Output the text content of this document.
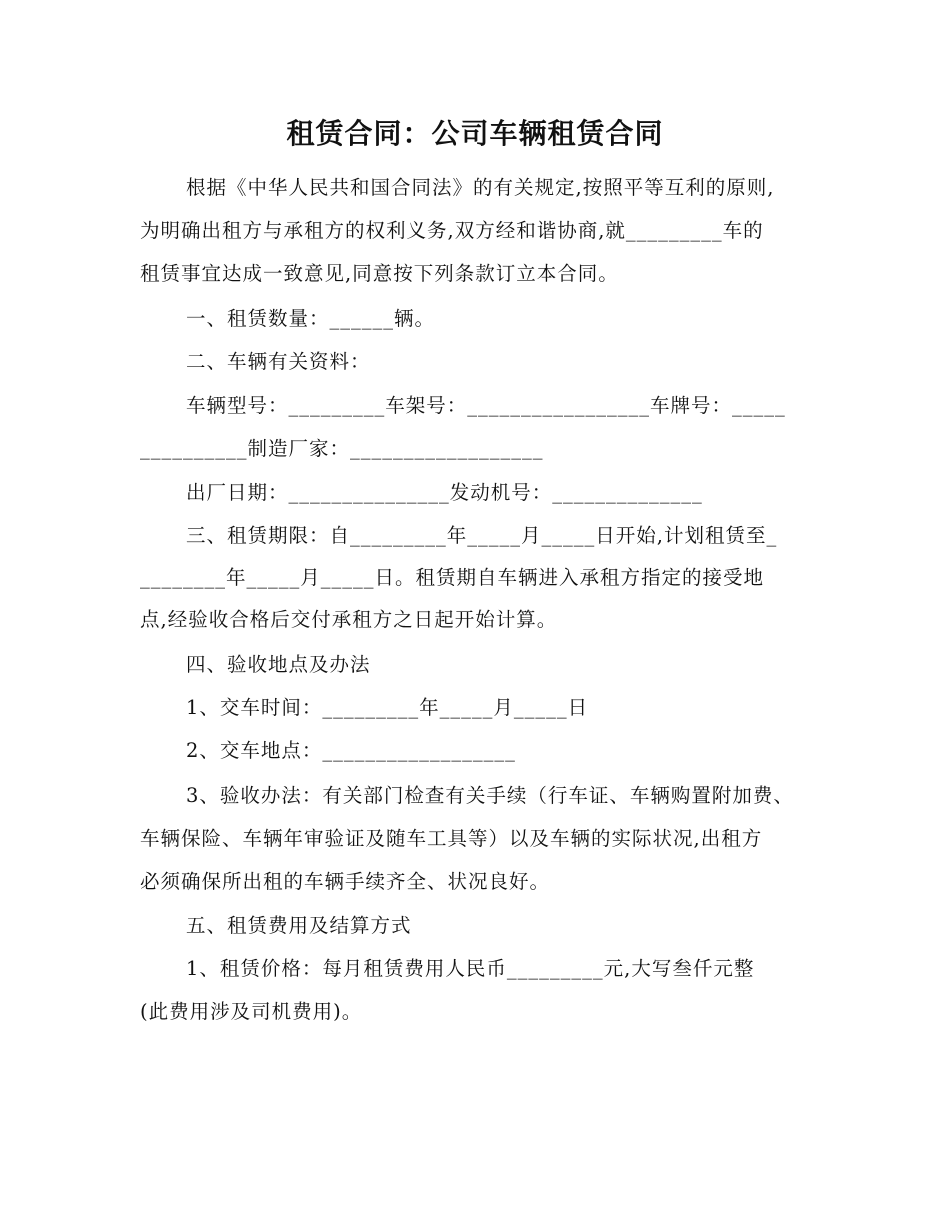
租赁合同：公司车辆租赁合同
根据《中华人民共和国合同法》的有关规定,按照平等互利的原则,
为明确出租方与承租方的权利义务,双方经和谐协商,就_________车的
租赁事宜达成一致意见,同意按下列条款订立本合同。
一、租赁数量：______辆。
二、车辆有关资料：
车辆型号：_________车架号：_________________车牌号：_____
__________制造厂家：__________________
出厂日期：_______________发动机号：______________
三、租赁期限：自_________年_____月_____日开始,计划租赁至_
________年_____月_____日。租赁期自车辆进入承租方指定的接受地
点,经验收合格后交付承租方之日起开始计算。
四、验收地点及办法
1、交车时间：_________年_____月_____日
2、交车地点：__________________
3、验收办法：有关部门检查有关手续（行车证、车辆购置附加费、
车辆保险、车辆年审验证及随车工具等）以及车辆的实际状况,出租方
必须确保所出租的车辆手续齐全、状况良好。
五、租赁费用及结算方式
1、租赁价格：每月租赁费用人民币_________元,大写叁仟元整
(此费用涉及司机费用)。
